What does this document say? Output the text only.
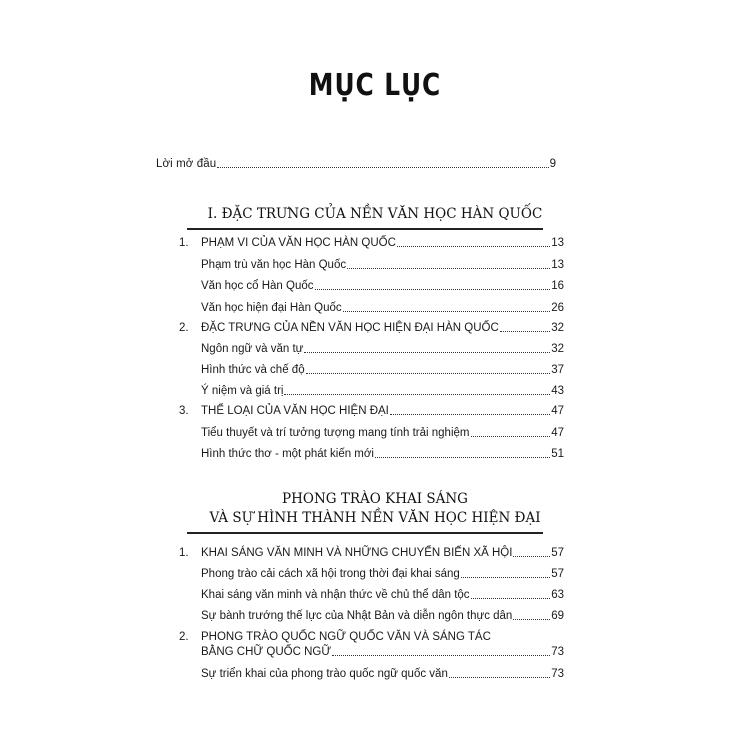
MỤC LỤC
Lời mở đầu	9
I. ĐẶC TRƯNG CỦA NỀN VĂN HỌC HÀN QUỐC
1.	PHẠM VI CỦA VĂN HỌC HÀN QUỐC	13
Phạm trù văn học Hàn Quốc	13
Văn học cổ Hàn Quốc	16
Văn học hiện đại Hàn Quốc	26
2.	ĐẶC TRƯNG CỦA NỀN VĂN HỌC HIỆN ĐẠI HÀN QUỐC	32
Ngôn ngữ và văn tự	32
Hình thức và chế độ	37
Ý niệm và giá trị	43
3.	THỂ LOẠI CỦA VĂN HỌC HIỆN ĐẠI	47
Tiểu thuyết và trí tưởng tượng mang tính trải nghiệm	47
Hình thức thơ - một phát kiến mới	51
PHONG TRÀO KHAI SÁNG
VÀ SỰ HÌNH THÀNH NỀN VĂN HỌC HIỆN ĐẠI
1.	KHAI SÁNG VĂN MINH VÀ NHỮNG CHUYỂN BIẾN XÃ HỘI	57
Phong trào cải cách xã hội trong thời đại khai sáng	57
Khai sáng văn minh và nhận thức về chủ thể dân tộc	63
Sự bành trướng thế lực của Nhật Bản và diễn ngôn thực dân	69
2.	PHONG TRÀO QUỐC NGỮ QUỐC VĂN VÀ SÁNG TÁC
BẰNG CHỮ QUỐC NGỮ	73
Sự triển khai của phong trào quốc ngữ quốc văn	73
